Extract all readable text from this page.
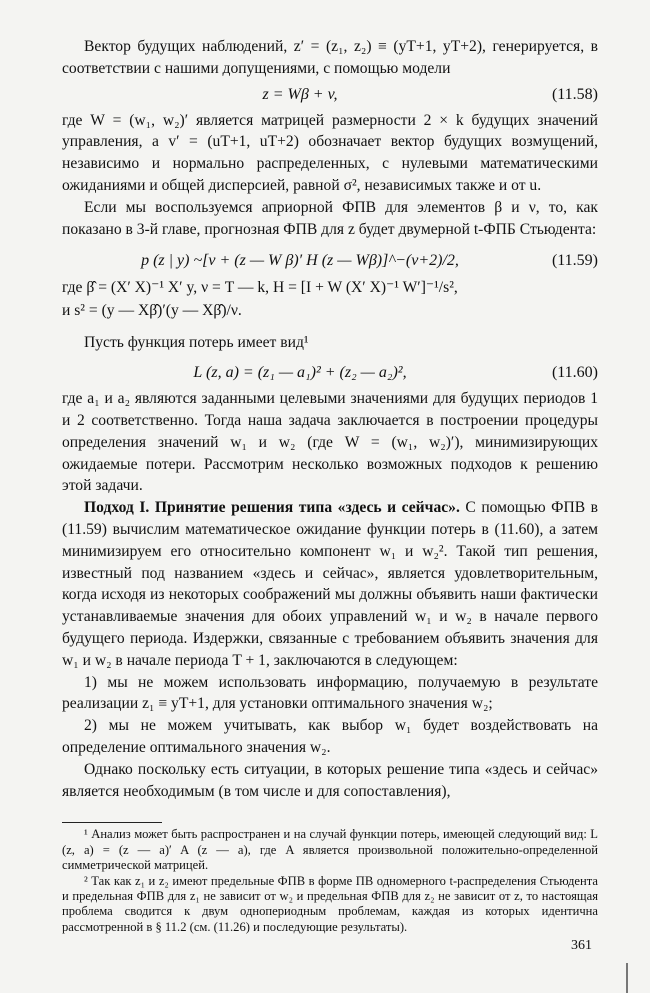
Вектор будущих наблюдений, z′ = (z₁, z₂) ≡ (yT+1, yT+2), генерируется, в соответствии с нашими допущениями, с помощью модели

z = Wβ + v,	(11.58)

где W = (w₁, w₂)′ является матрицей размерности 2 × k будущих значений управления, а v′ = (uT+1, uT+2) обозначает вектор будущих возмущений, независимо и нормально распределенных, с нулевыми математическими ожиданиями и общей дисперсией, равной σ², независимых также и от u.

Если мы воспользуемся априорной ФПВ для элементов β и ν, то, как показано в 3-й главе, прогнозная ФПВ для z будет двумерной t-ФПБ Стьюдента:

p (z | y) ~[ν + (z — W β)′ H (z — Wβ)]^−(ν+2)/2,	(11.59)

где β̂ = (X′ X)⁻¹ X′ y, ν = T — k, H = [I + W (X′ X)⁻¹ W′]⁻¹/s²,

и s² = (y — Xβ̂)′(y — Xβ̂)/ν.

Пусть функция потерь имеет вид¹

L (z, a) = (z₁ — a₁)² + (z₂ — a₂)²,	(11.60)

где a₁ и a₂ являются заданными целевыми значениями для будущих периодов 1 и 2 соответственно. Тогда наша задача заключается в построении процедуры определения значений w₁ и w₂ (где W = (w₁, w₂)′), минимизирующих ожидаемые потери. Рассмотрим несколько возможных подходов к решению этой задачи.

Подход I. Принятие решения типа «здесь и сейчас». С помощью ФПВ в (11.59) вычислим математическое ожидание функции потерь в (11.60), а затем минимизируем его относительно компонент w₁ и w₂². Такой тип решения, известный под названием «здесь и сейчас», является удовлетворительным, когда исходя из некоторых соображений мы должны объявить наши фактически устанавливаемые значения для обоих управлений w₁ и w₂ в начале первого будущего периода. Издержки, связанные с требованием объявить значения для w₁ и w₂ в начале периода T + 1, заключаются в следующем:

1) мы не можем использовать информацию, получаемую в результате реализации z₁ ≡ yT+1, для установки оптимального значения w₂;

2) мы не можем учитывать, как выбор w₁ будет воздействовать на определение оптимального значения w₂.

Однако поскольку есть ситуации, в которых решение типа «здесь и сейчас» является необходимым (в том числе и для сопоставления),

¹ Анализ может быть распространен и на случай функции потерь, имеющей следующий вид: L (z, a) = (z — a)′ A (z — a), где A является произвольной положительно-определенной симметрической матрицей.

² Так как z₁ и z₂ имеют предельные ФПВ в форме ПВ одномерного t-распределения Стьюдента и предельная ФПВ для z₁ не зависит от w₂ и предельная ФПВ для z₂ не зависит от z, то настоящая проблема сводится к двум однопериодным проблемам, каждая из которых идентична рассмотренной в § 11.2 (см. (11.26) и последующие результаты).

361
